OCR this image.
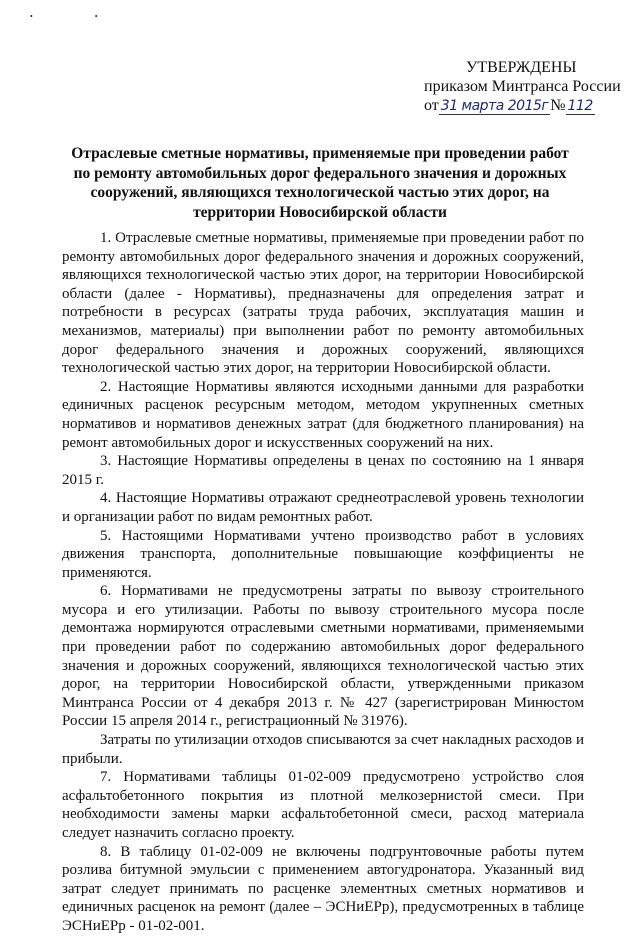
• •
УТВЕРЖДЕНЫ
приказом Минтранса России
от 31 марта 2015г № 112
Отраслевые сметные нормативы, применяемые при проведении работ по ремонту автомобильных дорог федерального значения и дорожных сооружений, являющихся технологической частью этих дорог, на территории Новосибирской области

1. Отраслевые сметные нормативы, применяемые при проведении работ по ремонту автомобильных дорог федерального значения и дорожных сооружений, являющихся технологической частью этих дорог, на территории Новосибирской области (далее - Нормативы), предназначены для определения затрат и потребности в ресурсах (затраты труда рабочих, эксплуатация машин и механизмов, материалы) при выполнении работ по ремонту автомобильных дорог федерального значения и дорожных сооружений, являющихся технологической частью этих дорог, на территории Новосибирской области.

2. Настоящие Нормативы являются исходными данными для разработки единичных расценок ресурсным методом, методом укрупненных сметных нормативов и нормативов денежных затрат (для бюджетного планирования) на ремонт автомобильных дорог и искусственных сооружений на них.

3. Настоящие Нормативы определены в ценах по состоянию на 1 января 2015 г.

4. Настоящие Нормативы отражают среднеотраслевой уровень технологии и организации работ по видам ремонтных работ.

5. Настоящими Нормативами учтено производство работ в условиях движения транспорта, дополнительные повышающие коэффициенты не применяются.

6. Нормативами не предусмотрены затраты по вывозу строительного мусора и его утилизации. Работы по вывозу строительного мусора после демонтажа нормируются отраслевыми сметными нормативами, применяемыми при проведении работ по содержанию автомобильных дорог федерального значения и дорожных сооружений, являющихся технологической частью этих дорог, на территории Новосибирской области, утвержденными приказом Минтранса России от 4 декабря 2013 г. № 427 (зарегистрирован Минюстом России 15 апреля 2014 г., регистрационный № 31976).

Затраты по утилизации отходов списываются за счет накладных расходов и прибыли.

7. Нормативами таблицы 01-02-009 предусмотрено устройство слоя асфальтобетонного покрытия из плотной мелкозернистой смеси. При необходимости замены марки асфальтобетонной смеси, расход материала следует назначить согласно проекту.

8. В таблицу 01-02-009 не включены подгрунтовочные работы путем розлива битумной эмульсии с применением автогудронатора. Указанный вид затрат следует принимать по расценке элементных сметных нормативов и единичных расценок на ремонт (далее – ЭСНиЕРр), предусмотренных в таблице ЭСНиЕРр - 01-02-001.
